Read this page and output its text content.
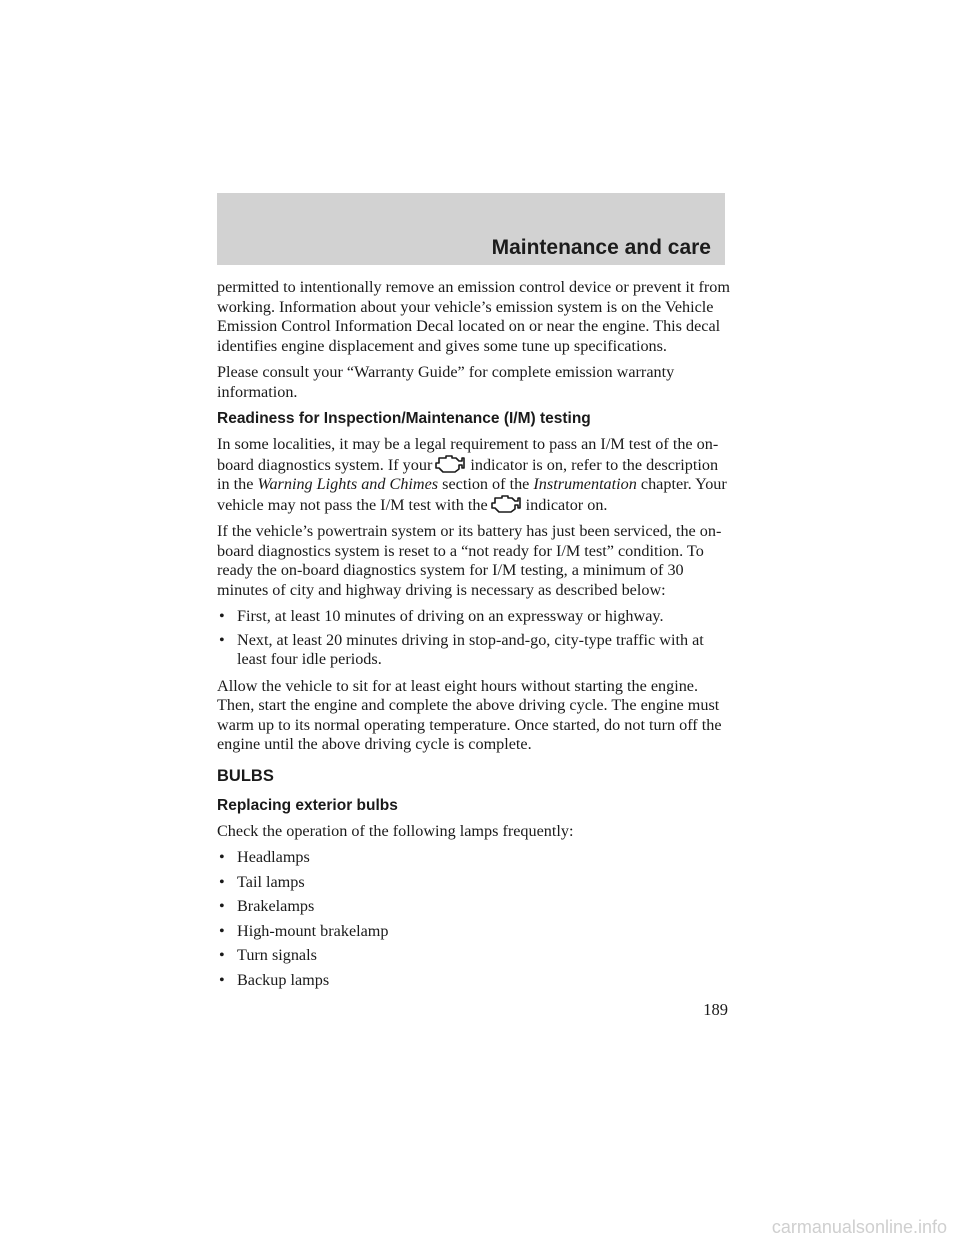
Maintenance and care

permitted to intentionally remove an emission control device or prevent it from working. Information about your vehicle’s emission system is on the Vehicle Emission Control Information Decal located on or near the engine. This decal identifies engine displacement and gives some tune up specifications.

Please consult your “Warranty Guide” for complete emission warranty information.

Readiness for Inspection/Maintenance (I/M) testing

In some localities, it may be a legal requirement to pass an I/M test of the on-board diagnostics system. If your indicator is on, refer to the description in the Warning Lights and Chimes section of the Instrumentation chapter. Your vehicle may not pass the I/M test with the indicator on.

If the vehicle’s powertrain system or its battery has just been serviced, the on-board diagnostics system is reset to a “not ready for I/M test” condition. To ready the on-board diagnostics system for I/M testing, a minimum of 30 minutes of city and highway driving is necessary as described below:

• First, at least 10 minutes of driving on an expressway or highway.
• Next, at least 20 minutes driving in stop-and-go, city-type traffic with at least four idle periods.

Allow the vehicle to sit for at least eight hours without starting the engine. Then, start the engine and complete the above driving cycle. The engine must warm up to its normal operating temperature. Once started, do not turn off the engine until the above driving cycle is complete.

BULBS
Replacing exterior bulbs

Check the operation of the following lamps frequently:

• Headlamps
• Tail lamps
• Brakelamps
• High-mount brakelamp
• Turn signals
• Backup lamps
189
carmanualsonline.info
